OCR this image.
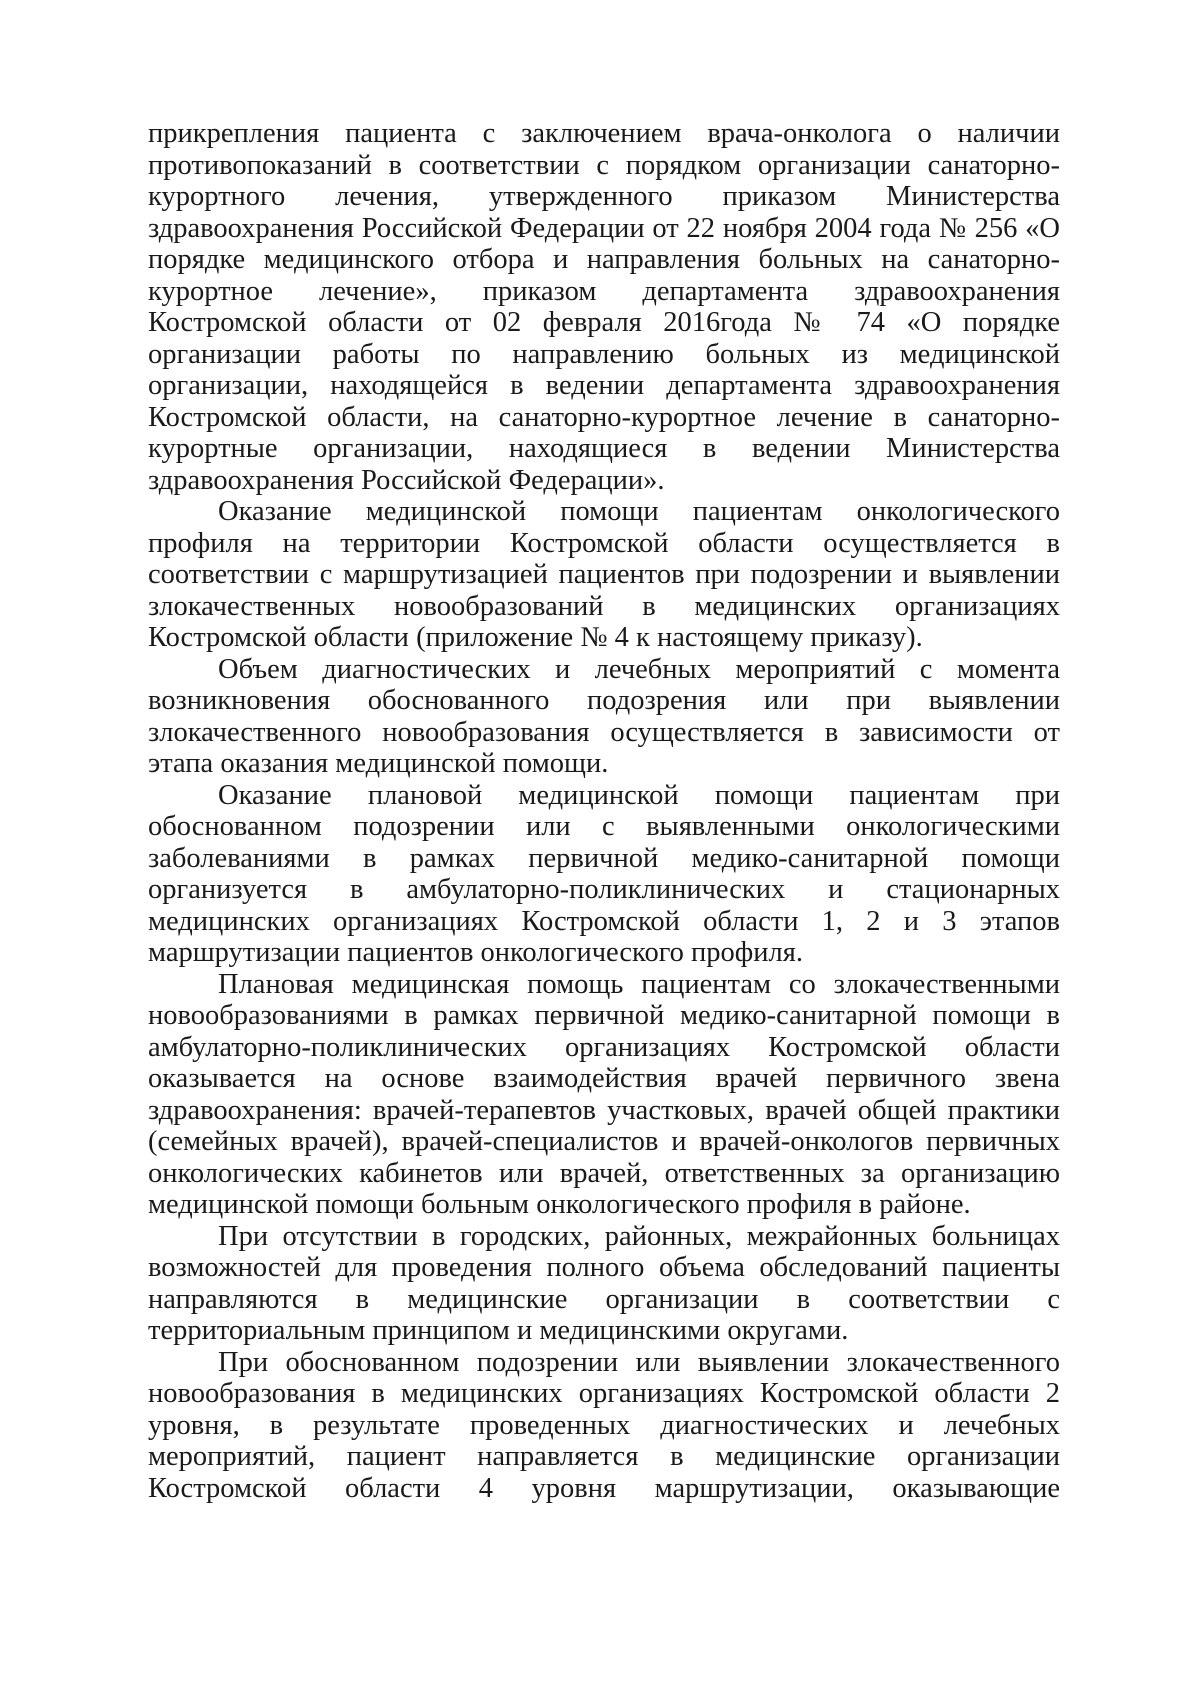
прикрепления пациента с заключением врача-онколога о наличии противопоказаний в соответствии с порядком организации санаторно-курортного лечения, утвержденного приказом Министерства здравоохранения Российской Федерации от 22 ноября 2004 года № 256 «О порядке медицинского отбора и направления больных на санаторно-курортное лечение», приказом департамента здравоохранения Костромской области от 02 февраля 2016года № 74 «О порядке организации работы по направлению больных из медицинской организации, находящейся в ведении департамента здравоохранения Костромской области, на санаторно-курортное лечение в санаторно-курортные организации, находящиеся в ведении Министерства здравоохранения Российской Федерации».

Оказание медицинской помощи пациентам онкологического профиля на территории Костромской области осуществляется в соответствии с маршрутизацией пациентов при подозрении и выявлении злокачественных новообразований в медицинских организациях Костромской области (приложение № 4 к настоящему приказу).

Объем диагностических и лечебных мероприятий с момента возникновения обоснованного подозрения или при выявлении злокачественного новообразования осуществляется в зависимости от этапа оказания медицинской помощи.

Оказание плановой медицинской помощи пациентам при обоснованном подозрении или с выявленными онкологическими заболеваниями в рамках первичной медико-санитарной помощи организуется в амбулаторно-поликлинических и стационарных медицинских организациях Костромской области 1, 2 и 3 этапов маршрутизации пациентов онкологического профиля.

Плановая медицинская помощь пациентам со злокачественными новообразованиями в рамках первичной медико-санитарной помощи в амбулаторно-поликлинических организациях Костромской области оказывается на основе взаимодействия врачей первичного звена здравоохранения: врачей-терапевтов участковых, врачей общей практики (семейных врачей), врачей-специалистов и врачей-онкологов первичных онкологических кабинетов или врачей, ответственных за организацию медицинской помощи больным онкологического профиля в районе.

При отсутствии в городских, районных, межрайонных больницах возможностей для проведения полного объема обследований пациенты направляются в медицинские организации в соответствии с территориальным принципом и медицинскими округами.

При обоснованном подозрении или выявлении злокачественного новообразования в медицинских организациях Костромской области 2 уровня, в результате проведенных диагностических и лечебных мероприятий, пациент направляется в медицинские организации Костромской области 4 уровня маршрутизации, оказывающие
